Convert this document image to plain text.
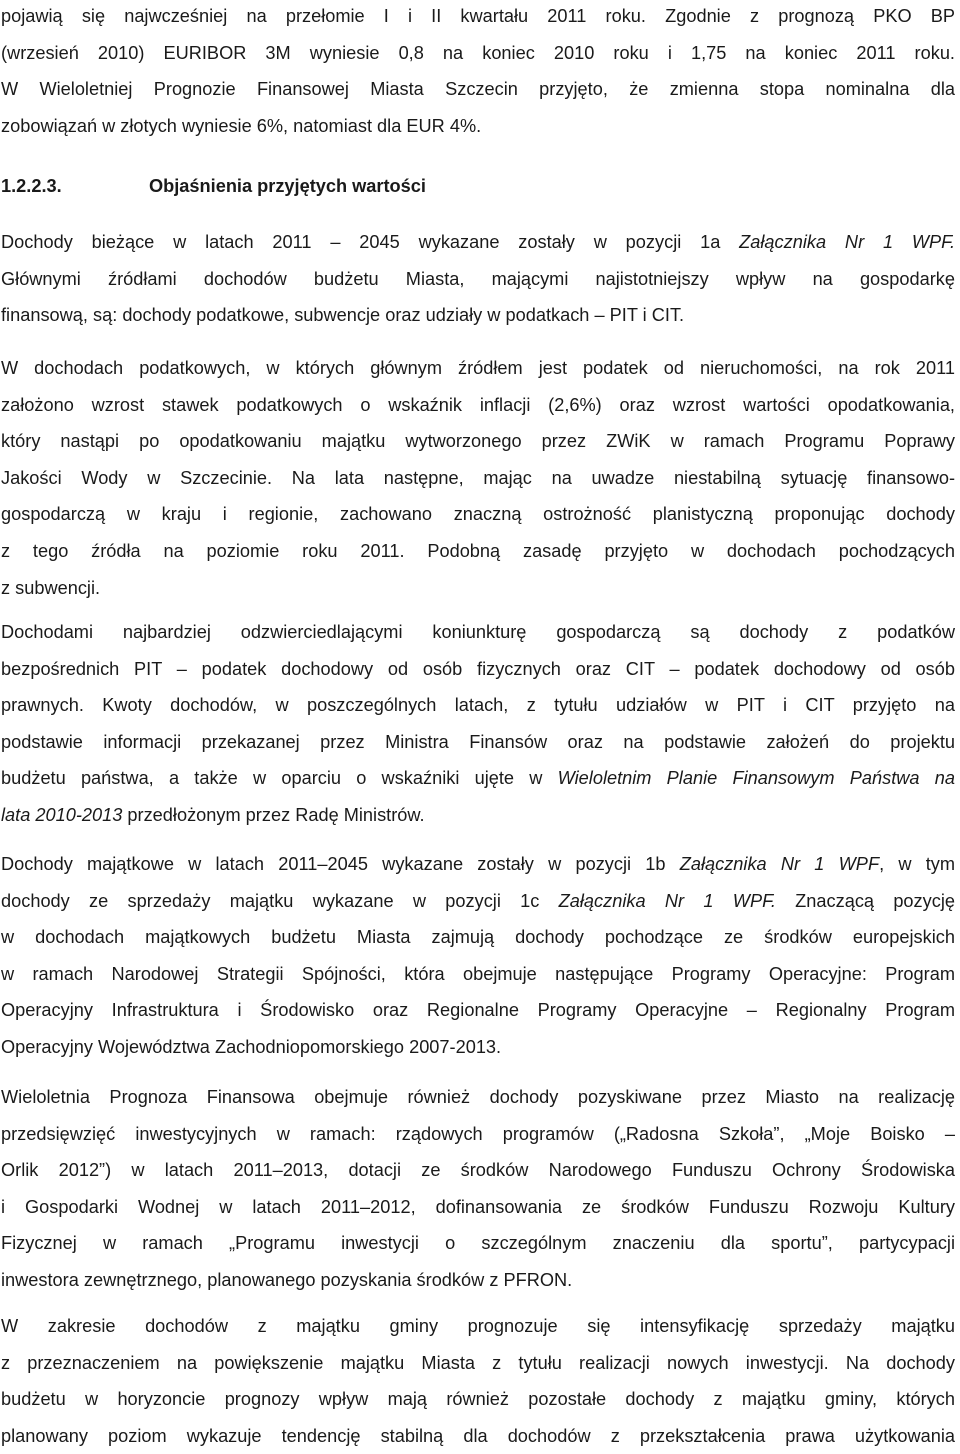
pojawią się najwcześniej na przełomie I i II kwartału 2011 roku. Zgodnie z prognozą PKO BP
(wrzesień 2010) EURIBOR 3M wyniesie 0,8 na koniec 2010 roku i 1,75 na koniec 2011 roku.
W Wieloletniej Prognozie Finansowej Miasta Szczecin przyjęto, że zmienna stopa nominalna dla
zobowiązań w złotych wyniesie 6%, natomiast dla EUR 4%.
1.2.2.3.	Objaśnienia przyjętych wartości
Dochody bieżące w latach 2011 – 2045 wykazane zostały w pozycji 1a Załącznika Nr 1 WPF.
Głównymi źródłami dochodów budżetu Miasta, mającymi najistotniejszy wpływ na gospodarkę
finansową, są: dochody podatkowe, subwencje oraz udziały w podatkach – PIT i CIT.
W dochodach podatkowych, w których głównym źródłem jest podatek od nieruchomości, na rok 2011
założono wzrost stawek podatkowych o wskaźnik inflacji (2,6%) oraz wzrost wartości opodatkowania,
który nastąpi po opodatkowaniu majątku wytworzonego przez ZWiK w ramach Programu Poprawy
Jakości Wody w Szczecinie. Na lata następne, mając na uwadze niestabilną sytuację finansowo-
gospodarczą w kraju i regionie, zachowano znaczną ostrożność planistyczną proponując dochody
z tego źródła na poziomie roku 2011. Podobną zasadę przyjęto w dochodach pochodzących
z subwencji.
Dochodami najbardziej odzwierciedlającymi koniunkturę gospodarczą są dochody z podatków
bezpośrednich PIT – podatek dochodowy od osób fizycznych oraz CIT – podatek dochodowy od osób
prawnych. Kwoty dochodów, w poszczególnych latach, z tytułu udziałów w PIT i CIT przyjęto na
podstawie informacji przekazanej przez Ministra Finansów oraz na podstawie założeń do projektu
budżetu państwa, a także w oparciu o wskaźniki ujęte w Wieloletnim Planie Finansowym Państwa na
lata 2010-2013 przedłożonym przez Radę Ministrów.
Dochody majątkowe w latach 2011–2045 wykazane zostały w pozycji 1b Załącznika Nr 1 WPF, w tym
dochody ze sprzedaży majątku wykazane w pozycji 1c Załącznika Nr 1 WPF. Znaczącą pozycję
w dochodach majątkowych budżetu Miasta zajmują dochody pochodzące ze środków europejskich
w ramach Narodowej Strategii Spójności, która obejmuje następujące Programy Operacyjne: Program
Operacyjny Infrastruktura i Środowisko oraz Regionalne Programy Operacyjne – Regionalny Program
Operacyjny Województwa Zachodniopomorskiego 2007-2013.
Wieloletnia Prognoza Finansowa obejmuje również dochody pozyskiwane przez Miasto na realizację
przedsięwzięć inwestycyjnych w ramach: rządowych programów („Radosna Szkoła”, „Moje Boisko –
Orlik 2012”) w latach 2011–2013, dotacji ze środków Narodowego Funduszu Ochrony Środowiska
i Gospodarki Wodnej w latach 2011–2012, dofinansowania ze środków Funduszu Rozwoju Kultury
Fizycznej w ramach „Programu inwestycji o szczególnym znaczeniu dla sportu”, partycypacji
inwestora zewnętrznego, planowanego pozyskania środków z PFRON.
W zakresie dochodów z majątku gminy prognozuje się intensyfikację sprzedaży majątku
z przeznaczeniem na powiększenie majątku Miasta z tytułu realizacji nowych inwestycji. Na dochody
budżetu w horyzoncie prognozy wpływ mają również pozostałe dochody z majątku gminy, których
planowany poziom wykazuje tendencję stabilną dla dochodów z przekształcenia prawa użytkowania
